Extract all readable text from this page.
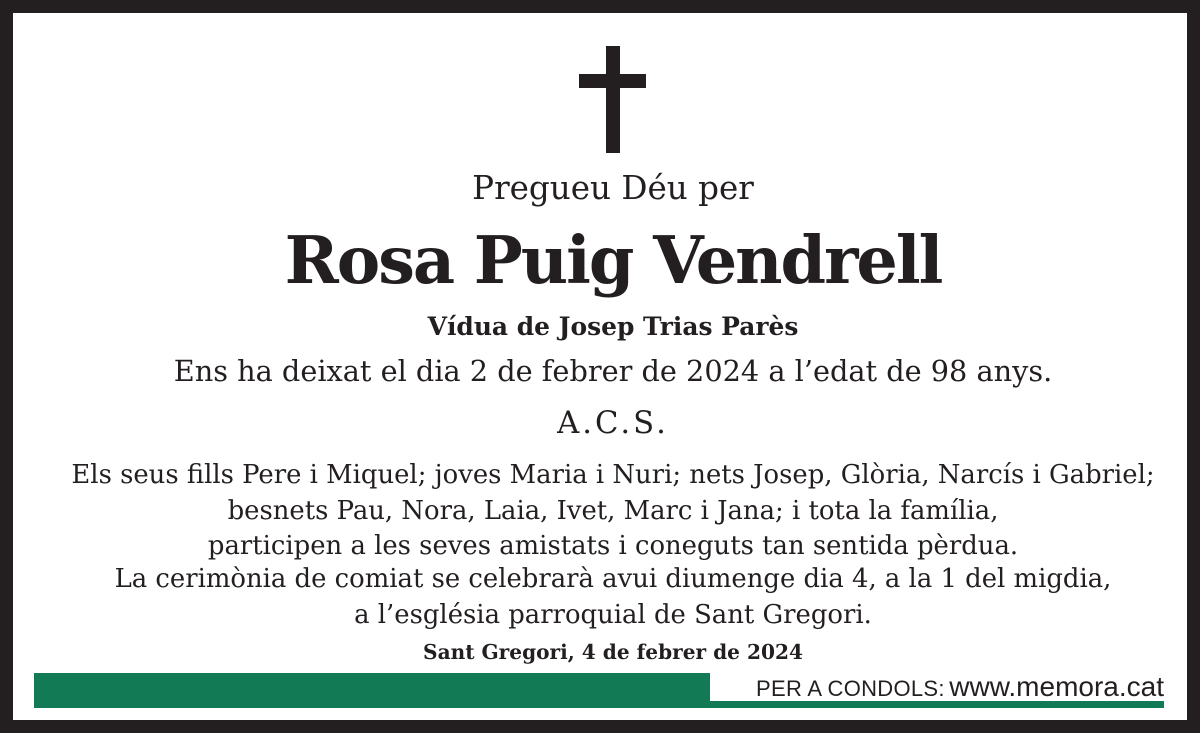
Pregueu Déu per
Rosa Puig Vendrell
Vídua de Josep Trias Parès
Ens ha deixat el dia 2 de febrer de 2024 a l’edat de 98 anys.
A.C.S.
Els seus fills Pere i Miquel; joves Maria i Nuri; nets Josep, Glòria, Narcís i Gabriel;
besnets Pau, Nora, Laia, Ivet, Marc i Jana; i tota la família,
participen a les seves amistats i coneguts tan sentida pèrdua.
La cerimònia de comiat se celebrarà avui diumenge dia 4, a la 1 del migdia,
a l’església parroquial de Sant Gregori.
Sant Gregori, 4 de febrer de 2024
PER A CONDOLS: www.memora.cat
